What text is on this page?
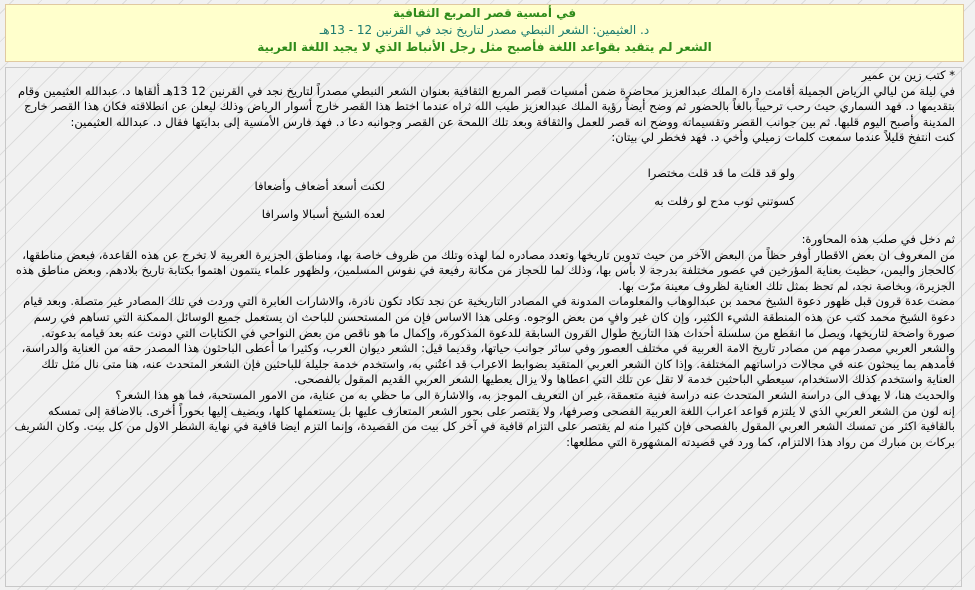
في أمسية قصر المربع الثقافية
د. العثيمين: الشعر النبطي مصدر لتاريخ نجد في القرنين 12 - 13هـ
الشعر لم يتقيد بقواعد اللغة فأصبح مثل رجل الأنباط الذي لا يجيد اللغة العربية

* كتب زين بن عمير

في ليلة من ليالي الرياض الجميلة أقامت دارة الملك عبدالعزيز محاضرة ضمن أمسيات قصر المربع الثقافية بعنوان الشعر النبطي مصدراً لتاريخ نجد في القرنين 12 13هـ ألقاها د. عبدالله العثيمين وقام بتقديمها د. فهد السماري حيث رحب ترحيباً بالغاً بالحضور ثم وضح أيضاً رؤية الملك عبدالعزيز طيب الله ثراه عندما اختط هذا القصر خارج أسوار الرياض وذلك ليعلن عن انطلاقته فكان هذا القصر خارج المدينة وأصبح اليوم قلبها. ثم بين جوانب القصر وتقسيماته ووضح انه قصر للعمل والثقافة وبعد تلك اللمحة عن القصر وجوانبه دعا د. فهد فارس الأمسية إلى بدايتها فقال د. عبدالله العثيمين:

كنت انتفخ قليلاً عندما سمعت كلمات زميلي وأخي د. فهد فخطر لي بيتان:

ولو قد قلت ما قد قلت مختصرا
لكنت أسعد أضعاف وأضعافا
كسوتني ثوب مدح لو رفلت به
لعده الشيخ أسبالا واسرافا

ثم دخل في صلب هذه المحاورة:

من المعروف ان بعض الاقطار أوفر حظاً من البعض الآخر من حيث تدوين تاريخها وتعدد مصادره لما لهذه وتلك من ظروف خاصة بها، ومناطق الجزيرة العربية لا تخرج عن هذه القاعدة، فبعض مناطقها، كالحجاز واليمن، حظيت بعناية المؤرخين في عصور مختلفة بدرجة لا بأس بها، وذلك لما للحجاز من مكانة رفيعة في نفوس المسلمين، ولظهور علماء ينتمون اهتموا بكتابة تاريخ بلادهم. وبعض مناطق هذه الجزيرة، وبخاصة نجد، لم تحظ بمثل تلك العناية لظروف معينة مرّت بها.

مضت عدة قرون قبل ظهور دعوة الشيخ محمد بن عبدالوهاب والمعلومات المدونة في المصادر التاريخية عن نجد تكاد تكون نادرة، والاشارات العابرة التي وردت في تلك المصادر غير متصلة. وبعد قيام دعوة الشيخ محمد كتب عن هذه المنطقة الشيء الكثير، وإن كان غير وافٍ من بعض الوجوه. وعلى هذا الاساس فإن من المستحسن للباحث ان يستعمل جميع الوسائل الممكنة التي تساهم في رسم صورة واضحة لتاريخها، ويصل ما انقطع من سلسلة أحداث هذا التاريخ طوال القرون السابقة للدعوة المذكورة، وإكمال ما هو ناقص من بعض النواحي في الكتابات التي دونت عنه بعد قيامه بدعوته.

والشعر العربي مصدر مهم من مصادر تاريخ الامة العربية في مختلف العصور وفي سائر جوانب حياتها، وقديما قيل: الشعر ديوان العرب، وكثيرا ما أعطى الباحثون هذا المصدر حقه من العناية والدراسة، فأمدهم بما يبحثون عنه في مجالات دراساتهم المختلفة. وإذا كان الشعر العربي المتقيد بضوابط الاعراب قد اعتُني به، واستخدم خدمة جليلة للباحثين فإن الشعر المتحدث عنه، هنا متى نال مثل تلك العناية واستخدم كذلك الاستخدام، سيعطي الباحثين خدمة لا تقل عن تلك التي اعطاها ولا يزال يعطيها الشعر العربي القديم المقول بالفصحى.

والحديث هنا، لا يهدف الى دراسة الشعر المتحدث عنه دراسة فنية متعمقة، غير ان التعريف الموجز به، والاشارة الى ما حظي به من عناية، من الامور المستحبة، فما هو هذا الشعر؟

إنه لون من الشعر العربي الذي لا يلتزم قواعد اعراب اللغة العربية الفصحى وصرفها، ولا يقتصر على بحور الشعر المتعارف عليها بل يستعملها كلها، ويضيف إليها بحوراً أخرى. بالاضافة إلى تمسكه بالقافية اكثر من تمسك الشعر العربي المقول بالفصحى فإن كثيرا منه لم يقتصر على التزام قافية في آخر كل بيت من القصيدة، وإنما التزم ايضا قافية في نهاية الشطر الاول من كل بيت. وكان الشريف بركات بن مبارك من رواد هذا الالتزام، كما ورد في قصيدته المشهورة التي مطلعها:
